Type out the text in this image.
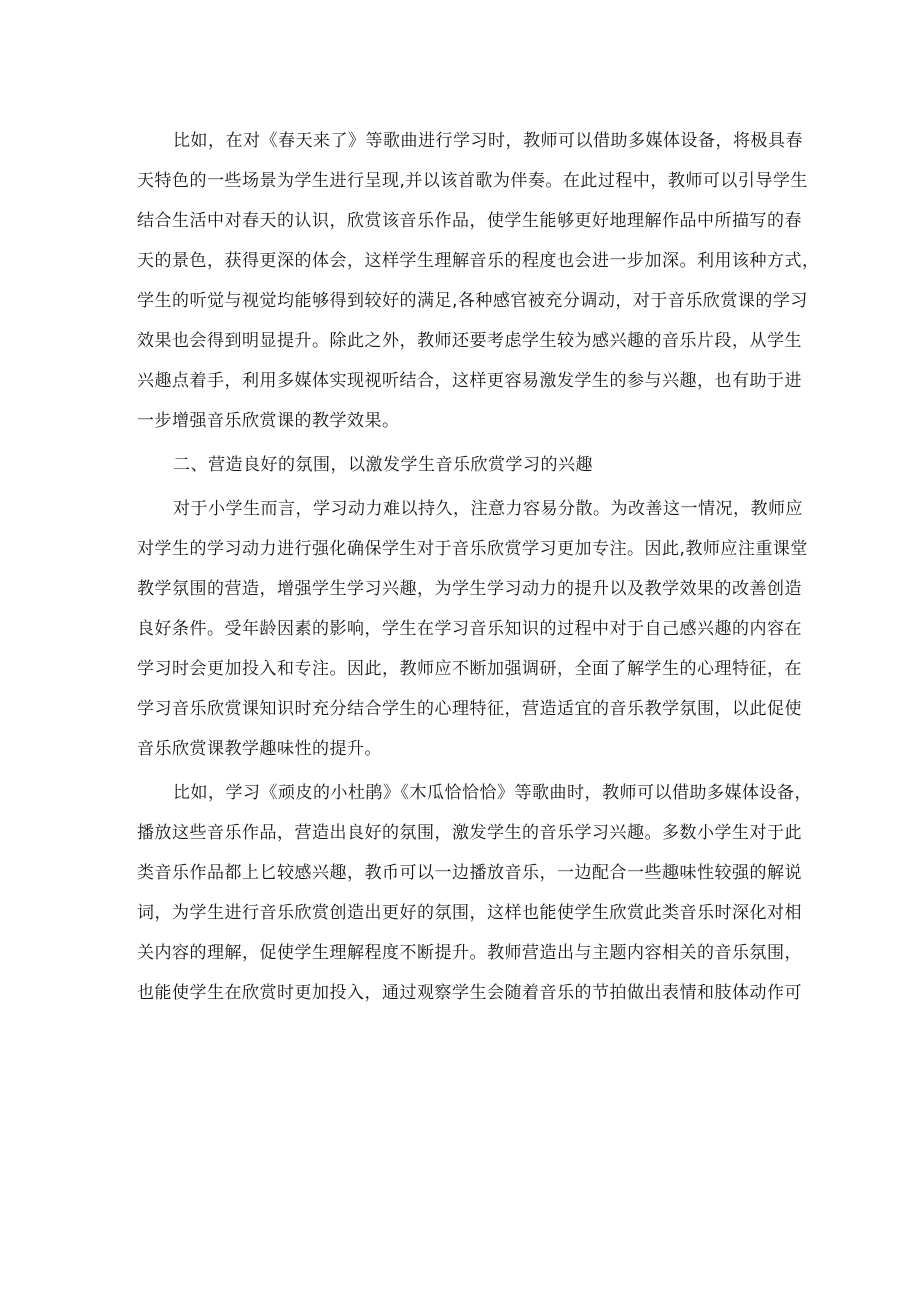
比如，在对《春天来了》等歌曲进行学习时，教师可以借助多媒体设备，将极具春
天特色的一些场景为学生进行呈现,并以该首歌为伴奏。在此过程中，教师可以引导学生
结合生活中对春天的认识，欣赏该音乐作品，使学生能够更好地理解作品中所描写的春
天的景色，获得更深的体会，这样学生理解音乐的程度也会进一步加深。利用该种方式，
学生的听觉与视觉均能够得到较好的满足,各种感官被充分调动，对于音乐欣赏课的学习
效果也会得到明显提升。除此之外，教师还要考虑学生较为感兴趣的音乐片段，从学生
兴趣点着手，利用多媒体实现视听结合，这样更容易激发学生的参与兴趣，也有助于进
一步增强音乐欣赏课的教学效果。
二、营造良好的氛围，以激发学生音乐欣赏学习的兴趣
对于小学生而言，学习动力难以持久，注意力容易分散。为改善这一情况，教师应
对学生的学习动力进行强化确保学生对于音乐欣赏学习更加专注。因此,教师应注重课堂
教学氛围的营造，增强学生学习兴趣，为学生学习动力的提升以及教学效果的改善创造
良好条件。受年龄因素的影响，学生在学习音乐知识的过程中对于自己感兴趣的内容在
学习时会更加投入和专注。因此，教师应不断加强调研，全面了解学生的心理特征，在
学习音乐欣赏课知识时充分结合学生的心理特征，营造适宜的音乐教学氛围，以此促使
音乐欣赏课教学趣味性的提升。
比如，学习《顽皮的小杜鹃》《木瓜恰恰恰》等歌曲时，教师可以借助多媒体设备，
播放这些音乐作品，营造出良好的氛围，激发学生的音乐学习兴趣。多数小学生对于此
类音乐作品都上匕较感兴趣，教币可以一边播放音乐，一边配合一些趣味性较强的解说
词，为学生进行音乐欣赏创造出更好的氛围，这样也能使学生欣赏此类音乐时深化对相
关内容的理解，促使学生理解程度不断提升。教师营造出与主题内容相关的音乐氛围，
也能使学生在欣赏时更加投入，通过观察学生会随着音乐的节拍做出表情和肢体动作可
